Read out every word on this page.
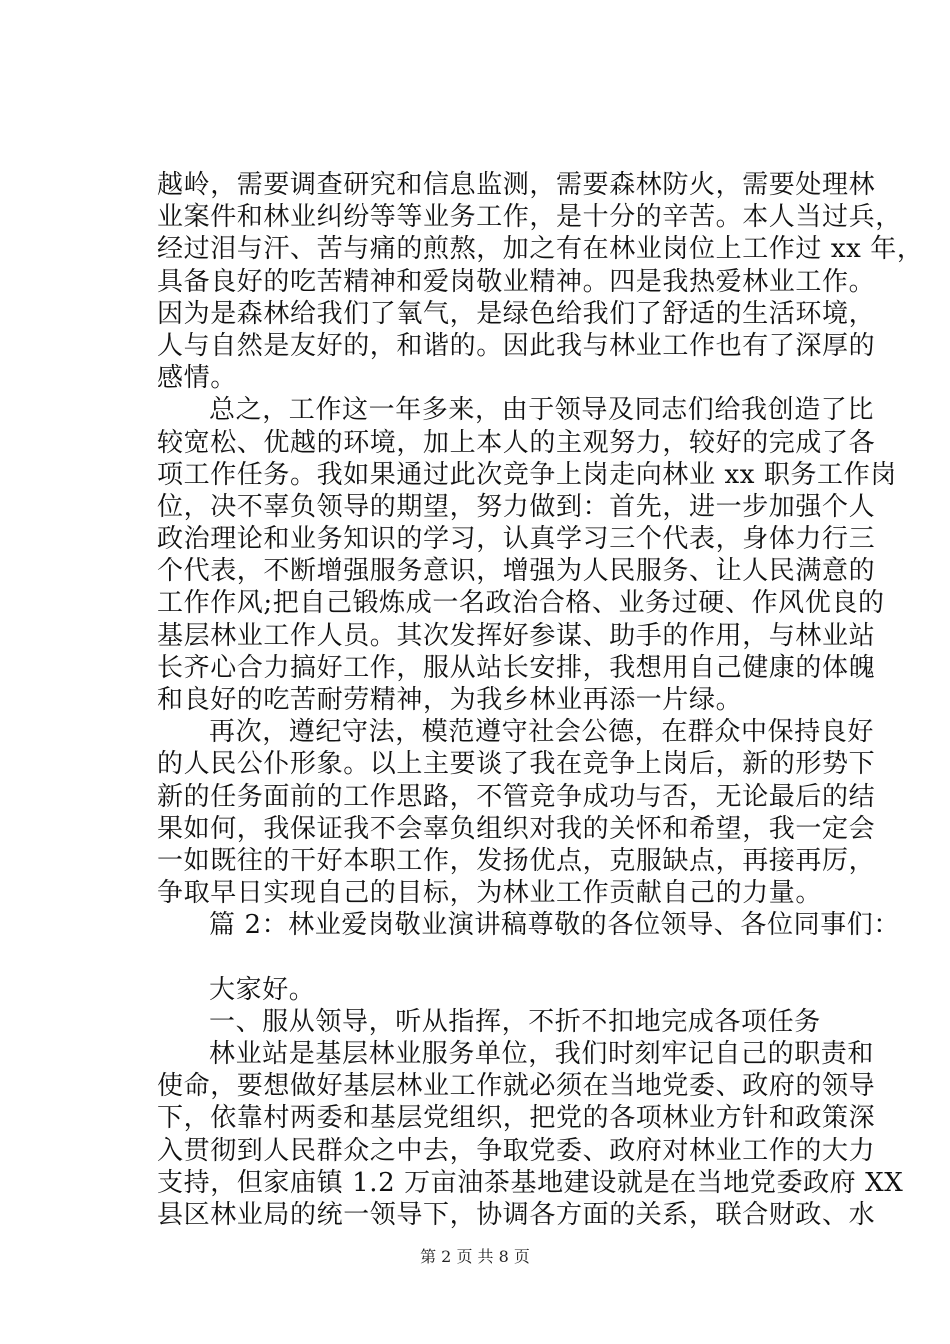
越岭，需要调查研究和信息监测，需要森林防火，需要处理林
业案件和林业纠纷等等业务工作，是十分的辛苦。本人当过兵，
经过泪与汗、苦与痛的煎熬，加之有在林业岗位上工作过 xx 年，
具备良好的吃苦精神和爱岗敬业精神。四是我热爱林业工作。
因为是森林给我们了氧气，是绿色给我们了舒适的生活环境，
人与自然是友好的，和谐的。因此我与林业工作也有了深厚的
感情。
总之，工作这一年多来，由于领导及同志们给我创造了比
较宽松、优越的环境，加上本人的主观努力，较好的完成了各
项工作任务。我如果通过此次竞争上岗走向林业 xx 职务工作岗
位，决不辜负领导的期望，努力做到：首先，进一步加强个人
政治理论和业务知识的学习，认真学习三个代表，身体力行三
个代表，不断增强服务意识，增强为人民服务、让人民满意的
工作作风;把自己锻炼成一名政治合格、业务过硬、作风优良的
基层林业工作人员。其次发挥好参谋、助手的作用，与林业站
长齐心合力搞好工作，服从站长安排，我想用自己健康的体魄
和良好的吃苦耐劳精神，为我乡林业再添一片绿。
再次，遵纪守法，模范遵守社会公德，在群众中保持良好
的人民公仆形象。以上主要谈了我在竞争上岗后，新的形势下
新的任务面前的工作思路，不管竞争成功与否，无论最后的结
果如何，我保证我不会辜负组织对我的关怀和希望，我一定会
一如既往的干好本职工作，发扬优点，克服缺点，再接再厉，
争取早日实现自己的目标，为林业工作贡献自己的力量。
篇 2：林业爱岗敬业演讲稿尊敬的各位领导、各位同事们：
大家好。
一、服从领导，听从指挥，不折不扣地完成各项任务
林业站是基层林业服务单位，我们时刻牢记自己的职责和
使命，要想做好基层林业工作就必须在当地党委、政府的领导
下，依靠村两委和基层党组织，把党的各项林业方针和政策深
入贯彻到人民群众之中去，争取党委、政府对林业工作的大力
支持，但家庙镇 1.2 万亩油茶基地建设就是在当地党委政府 XX
县区林业局的统一领导下，协调各方面的关系，联合财政、水
第 2 页 共 8 页
